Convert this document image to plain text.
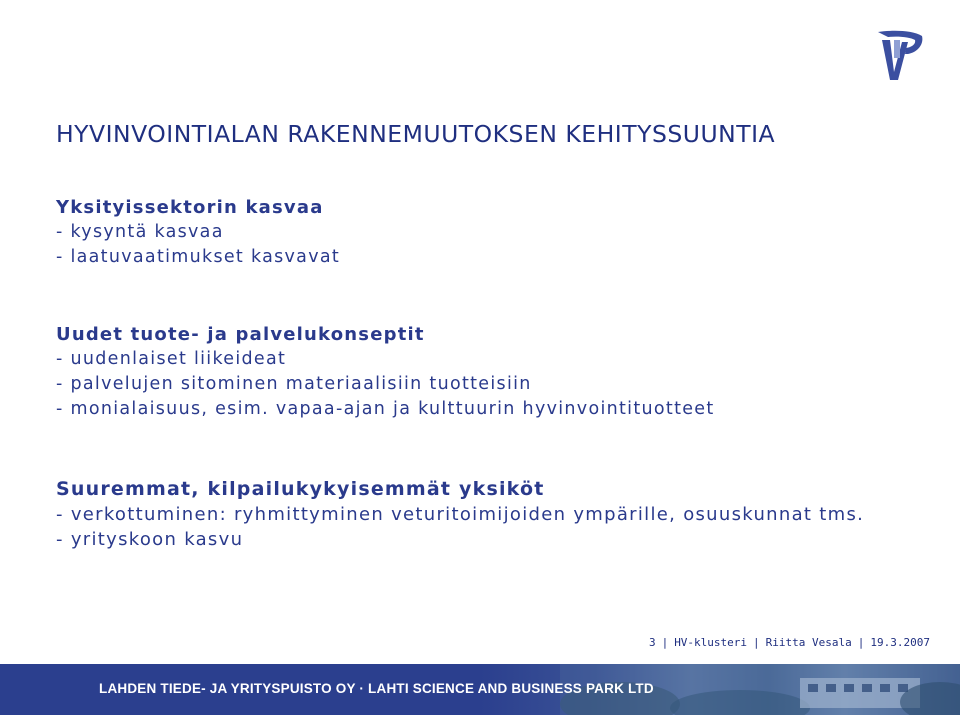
HYVINVOINTIALAN RAKENNEMUUTOKSEN KEHITYSSUUNTIA
Yksityissektorin kasvaa
- kysyntä kasvaa
- laatuvaatimukset kasvavat
Uudet tuote- ja palvelukonseptit
- uudenlaiset liikeideat
- palvelujen sitominen materiaalisiin tuotteisiin
- monialaisuus, esim. vapaa-ajan ja kulttuurin hyvinvointituotteet
Suuremmat, kilpailukykyisemmät yksiköt
- verkottuminen: ryhmittyminen veturitoimijoiden ympärille, osuuskunnat tms.
- yrityskoon kasvu
3 | HV-klusteri | Riitta Vesala | 19.3.2007
LAHDEN TIEDE- JA YRITYSPUISTO OY · LAHTI SCIENCE AND BUSINESS PARK LTD
